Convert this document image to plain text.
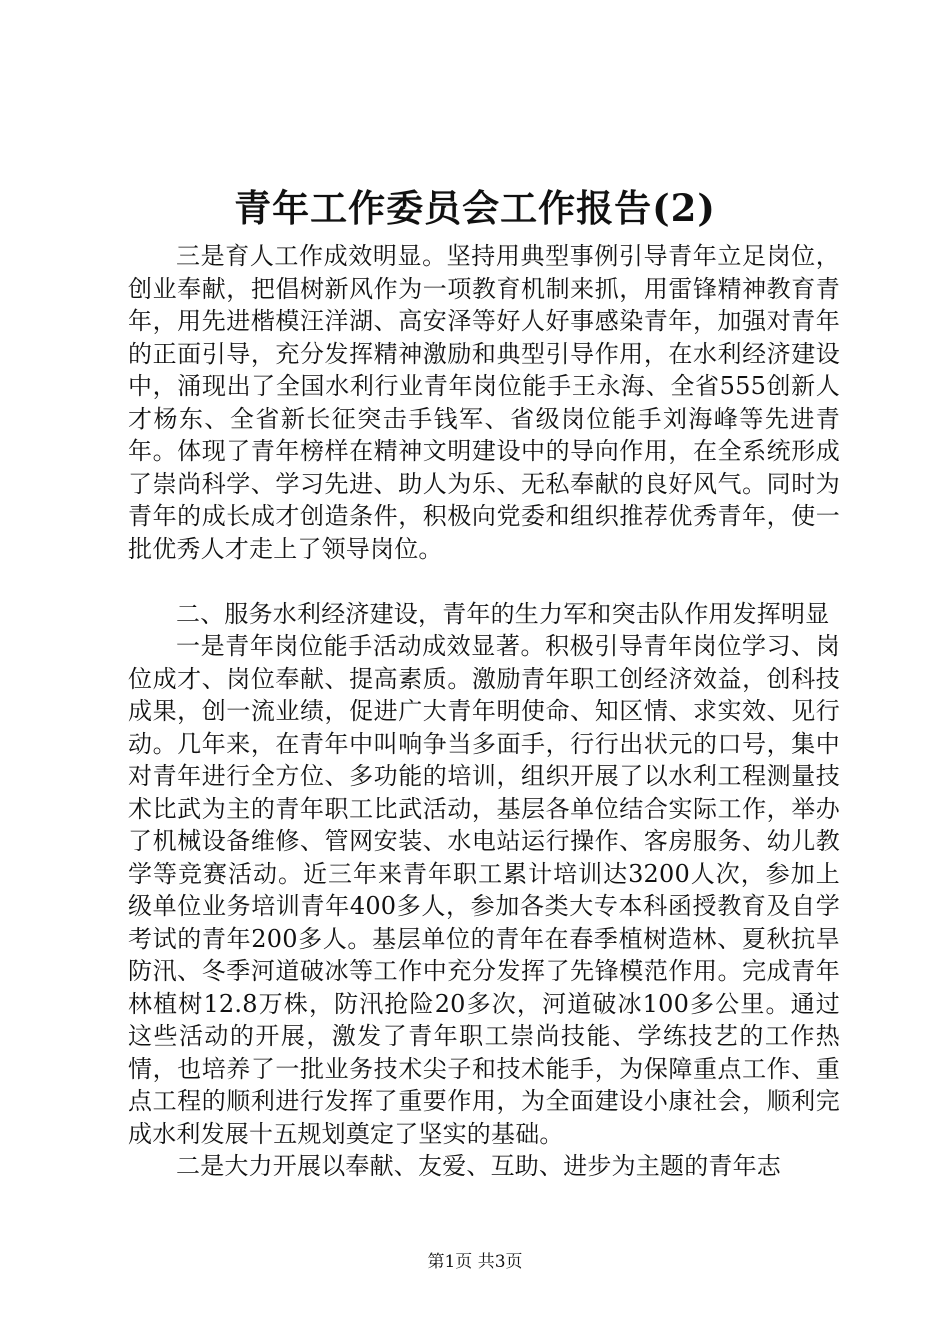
青年工作委员会工作报告(2)

三是育人工作成效明显。坚持用典型事例引导青年立足岗位，创业奉献，把倡树新风作为一项教育机制来抓，用雷锋精神教育青年，用先进楷模汪洋湖、高安泽等好人好事感染青年，加强对青年的正面引导，充分发挥精神激励和典型引导作用，在水利经济建设中，涌现出了全国水利行业青年岗位能手王永海、全省555创新人才杨东、全省新长征突击手钱军、省级岗位能手刘海峰等先进青年。体现了青年榜样在精神文明建设中的导向作用，在全系统形成了崇尚科学、学习先进、助人为乐、无私奉献的良好风气。同时为青年的成长成才创造条件，积极向党委和组织推荐优秀青年，使一批优秀人才走上了领导岗位。

二、服务水利经济建设，青年的生力军和突击队作用发挥明显

一是青年岗位能手活动成效显著。积极引导青年岗位学习、岗位成才、岗位奉献、提高素质。激励青年职工创经济效益，创科技成果，创一流业绩，促进广大青年明使命、知区情、求实效、见行动。几年来，在青年中叫响争当多面手，行行出状元的口号，集中对青年进行全方位、多功能的培训，组织开展了以水利工程测量技术比武为主的青年职工比武活动，基层各单位结合实际工作，举办了机械设备维修、管网安装、水电站运行操作、客房服务、幼儿教学等竞赛活动。近三年来青年职工累计培训达3200人次，参加上级单位业务培训青年400多人，参加各类大专本科函授教育及自学考试的青年200多人。基层单位的青年在春季植树造林、夏秋抗旱防汛、冬季河道破冰等工作中充分发挥了先锋模范作用。完成青年林植树12.8万株，防汛抢险20多次，河道破冰100多公里。通过这些活动的开展，激发了青年职工崇尚技能、学练技艺的工作热情，也培养了一批业务技术尖子和技术能手，为保障重点工作、重点工程的顺利进行发挥了重要作用，为全面建设小康社会，顺利完成水利发展十五规划奠定了坚实的基础。

二是大力开展以奉献、友爱、互助、进步为主题的青年志

第1页 共3页
